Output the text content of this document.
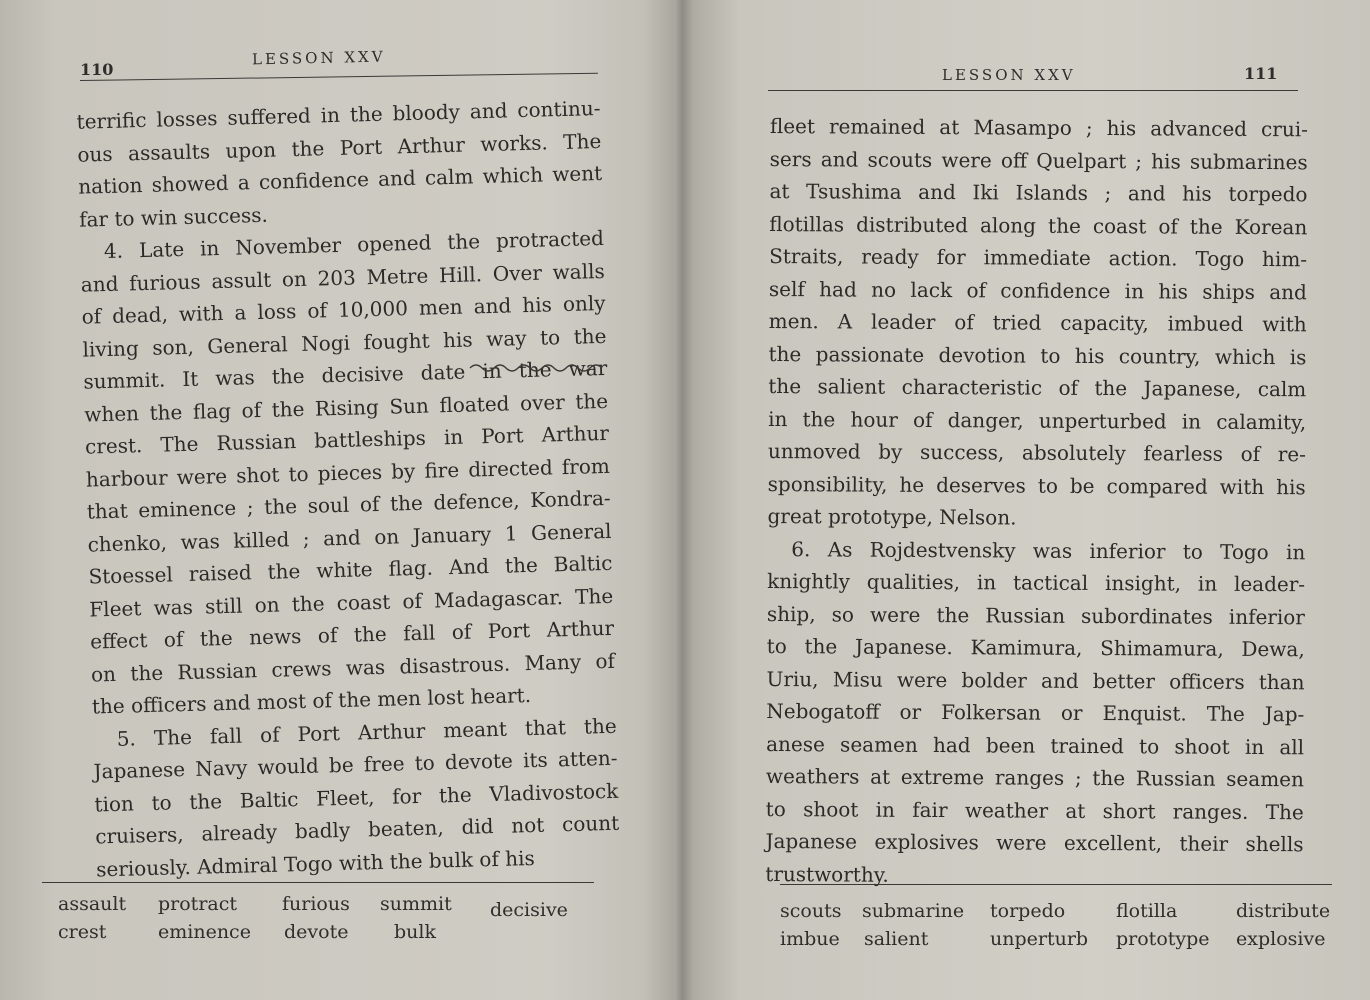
110
LESSON XXV
terrific losses suffered in the bloody and continu-
ous assaults upon the Port Arthur works. The
nation showed a confidence and calm which went
far to win success.
4. Late in November opened the protracted
and furious assult on 203 Metre Hill. Over walls
of dead, with a loss of 10,000 men and his only
living son, General Nogi fought his way to the
summit. It was the decisive date in the war
when the flag of the Rising Sun floated over the
crest. The Russian battleships in Port Arthur
harbour were shot to pieces by fire directed from
that eminence ; the soul of the defence, Kondra-
chenko, was killed ; and on January 1 General
Stoessel raised the white flag. And the Baltic
Fleet was still on the coast of Madagascar. The
effect of the news of the fall of Port Arthur
on the Russian crews was disastrous. Many of
the officers and most of the men lost heart.
5. The fall of Port Arthur meant that the
Japanese Navy would be free to devote its atten-
tion to the Baltic Fleet, for the Vladivostock
cruisers, already badly beaten, did not count
seriously. Admiral Togo with the bulk of his
assault protract furious summit decisive
crest	eminence devote bulk
LESSON XXV	111
fleet remained at Masampo ; his advanced crui-
sers and scouts were off Quelpart ; his submarines
at Tsushima and Iki Islands ; and his torpedo
flotillas distributed along the coast of the Korean
Straits, ready for immediate action. Togo him-
self had no lack of confidence in his ships and
men. A leader of tried capacity, imbued with
the passionate devotion to his country, which is
the salient characteristic of the Japanese, calm
in the hour of danger, unperturbed in calamity,
unmoved by success, absolutely fearless of re-
sponsibility, he deserves to be compared with his
great prototype, Nelson.
6. As Rojdestvensky was inferior to Togo in
knightly qualities, in tactical insight, in leader-
ship, so were the Russian subordinates inferior
to the Japanese. Kamimura, Shimamura, Dewa,
Uriu, Misu were bolder and better officers than
Nebogatoff or Folkersan or Enquist. The Jap-
anese seamen had been trained to shoot in all
weathers at extreme ranges ; the Russian seamen
to shoot in fair weather at short ranges. The
Japanese explosives were excellent, their shells
trustworthy.
scouts submarine torpedo	flotilla	distribute
imbue salient	unperturb prototype explosive
